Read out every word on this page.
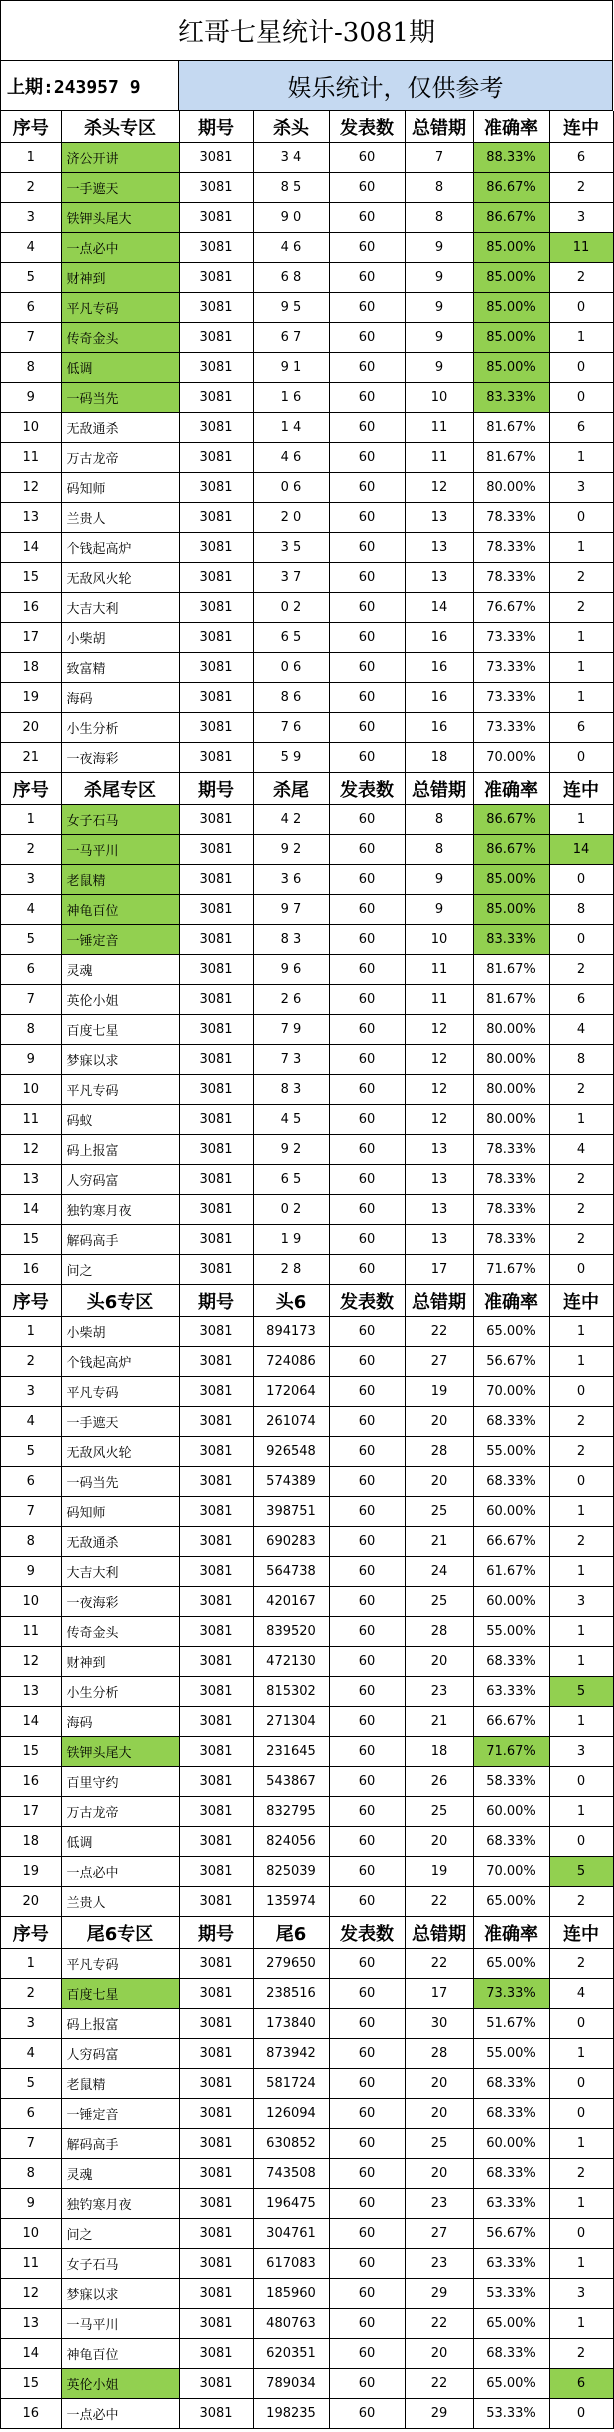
红哥七星统计-3081期
上期:243957 9	娱乐统计，仅供参考
序号	杀头专区	期号	杀头	发表数	总错期	准确率	连中
1	济公开讲	3081	3 4	60	7	88.33%	6
2	一手遮天	3081	8 5	60	8	86.67%	2
3	铁钾头尾大	3081	9 0	60	8	86.67%	3
4	一点必中	3081	4 6	60	9	85.00%	11
5	财神到	3081	6 8	60	9	85.00%	2
6	平凡专码	3081	9 5	60	9	85.00%	0
7	传奇金头	3081	6 7	60	9	85.00%	1
8	低调	3081	9 1	60	9	85.00%	0
9	一码当先	3081	1 6	60	10	83.33%	0
10	无敌通杀	3081	1 4	60	11	81.67%	6
11	万古龙帝	3081	4 6	60	11	81.67%	1
12	码知师	3081	0 6	60	12	80.00%	3
13	兰贵人	3081	2 0	60	13	78.33%	0
14	个钱起高炉	3081	3 5	60	13	78.33%	1
15	无敌风火轮	3081	3 7	60	13	78.33%	2
16	大吉大利	3081	0 2	60	14	76.67%	2
17	小柴胡	3081	6 5	60	16	73.33%	1
18	致富精	3081	0 6	60	16	73.33%	1
19	海码	3081	8 6	60	16	73.33%	1
20	小生分析	3081	7 6	60	16	73.33%	6
21	一夜海彩	3081	5 9	60	18	70.00%	0
序号	杀尾专区	期号	杀尾	发表数	总错期	准确率	连中
1	女子石马	3081	4 2	60	8	86.67%	1
2	一马平川	3081	9 2	60	8	86.67%	14
3	老鼠精	3081	3 6	60	9	85.00%	0
4	神龟百位	3081	9 7	60	9	85.00%	8
5	一锤定音	3081	8 3	60	10	83.33%	0
6	灵魂	3081	9 6	60	11	81.67%	2
7	英伦小姐	3081	2 6	60	11	81.67%	6
8	百度七星	3081	7 9	60	12	80.00%	4
9	梦寐以求	3081	7 3	60	12	80.00%	8
10	平凡专码	3081	8 3	60	12	80.00%	2
11	码蚁	3081	4 5	60	12	80.00%	1
12	码上报富	3081	9 2	60	13	78.33%	4
13	人穷码富	3081	6 5	60	13	78.33%	2
14	独钓寒月夜	3081	0 2	60	13	78.33%	2
15	解码高手	3081	1 9	60	13	78.33%	2
16	问之	3081	2 8	60	17	71.67%	0
序号	头6专区	期号	头6	发表数	总错期	准确率	连中
1	小柴胡	3081	894173	60	22	65.00%	1
2	个钱起高炉	3081	724086	60	27	56.67%	1
3	平凡专码	3081	172064	60	19	70.00%	0
4	一手遮天	3081	261074	60	20	68.33%	2
5	无敌风火轮	3081	926548	60	28	55.00%	2
6	一码当先	3081	574389	60	20	68.33%	0
7	码知师	3081	398751	60	25	60.00%	1
8	无敌通杀	3081	690283	60	21	66.67%	2
9	大吉大利	3081	564738	60	24	61.67%	1
10	一夜海彩	3081	420167	60	25	60.00%	3
11	传奇金头	3081	839520	60	28	55.00%	1
12	财神到	3081	472130	60	20	68.33%	1
13	小生分析	3081	815302	60	23	63.33%	5
14	海码	3081	271304	60	21	66.67%	1
15	铁钾头尾大	3081	231645	60	18	71.67%	3
16	百里守约	3081	543867	60	26	58.33%	0
17	万古龙帝	3081	832795	60	25	60.00%	1
18	低调	3081	824056	60	20	68.33%	0
19	一点必中	3081	825039	60	19	70.00%	5
20	兰贵人	3081	135974	60	22	65.00%	2
序号	尾6专区	期号	尾6	发表数	总错期	准确率	连中
1	平凡专码	3081	279650	60	22	65.00%	2
2	百度七星	3081	238516	60	17	73.33%	4
3	码上报富	3081	173840	60	30	51.67%	0
4	人穷码富	3081	873942	60	28	55.00%	1
5	老鼠精	3081	581724	60	20	68.33%	0
6	一锤定音	3081	126094	60	20	68.33%	0
7	解码高手	3081	630852	60	25	60.00%	1
8	灵魂	3081	743508	60	20	68.33%	2
9	独钓寒月夜	3081	196475	60	23	63.33%	1
10	问之	3081	304761	60	27	56.67%	0
11	女子石马	3081	617083	60	23	63.33%	1
12	梦寐以求	3081	185960	60	29	53.33%	3
13	一马平川	3081	480763	60	22	65.00%	1
14	神龟百位	3081	620351	60	20	68.33%	2
15	英伦小姐	3081	789034	60	22	65.00%	6
16	一点必中	3081	198235	60	29	53.33%	0
